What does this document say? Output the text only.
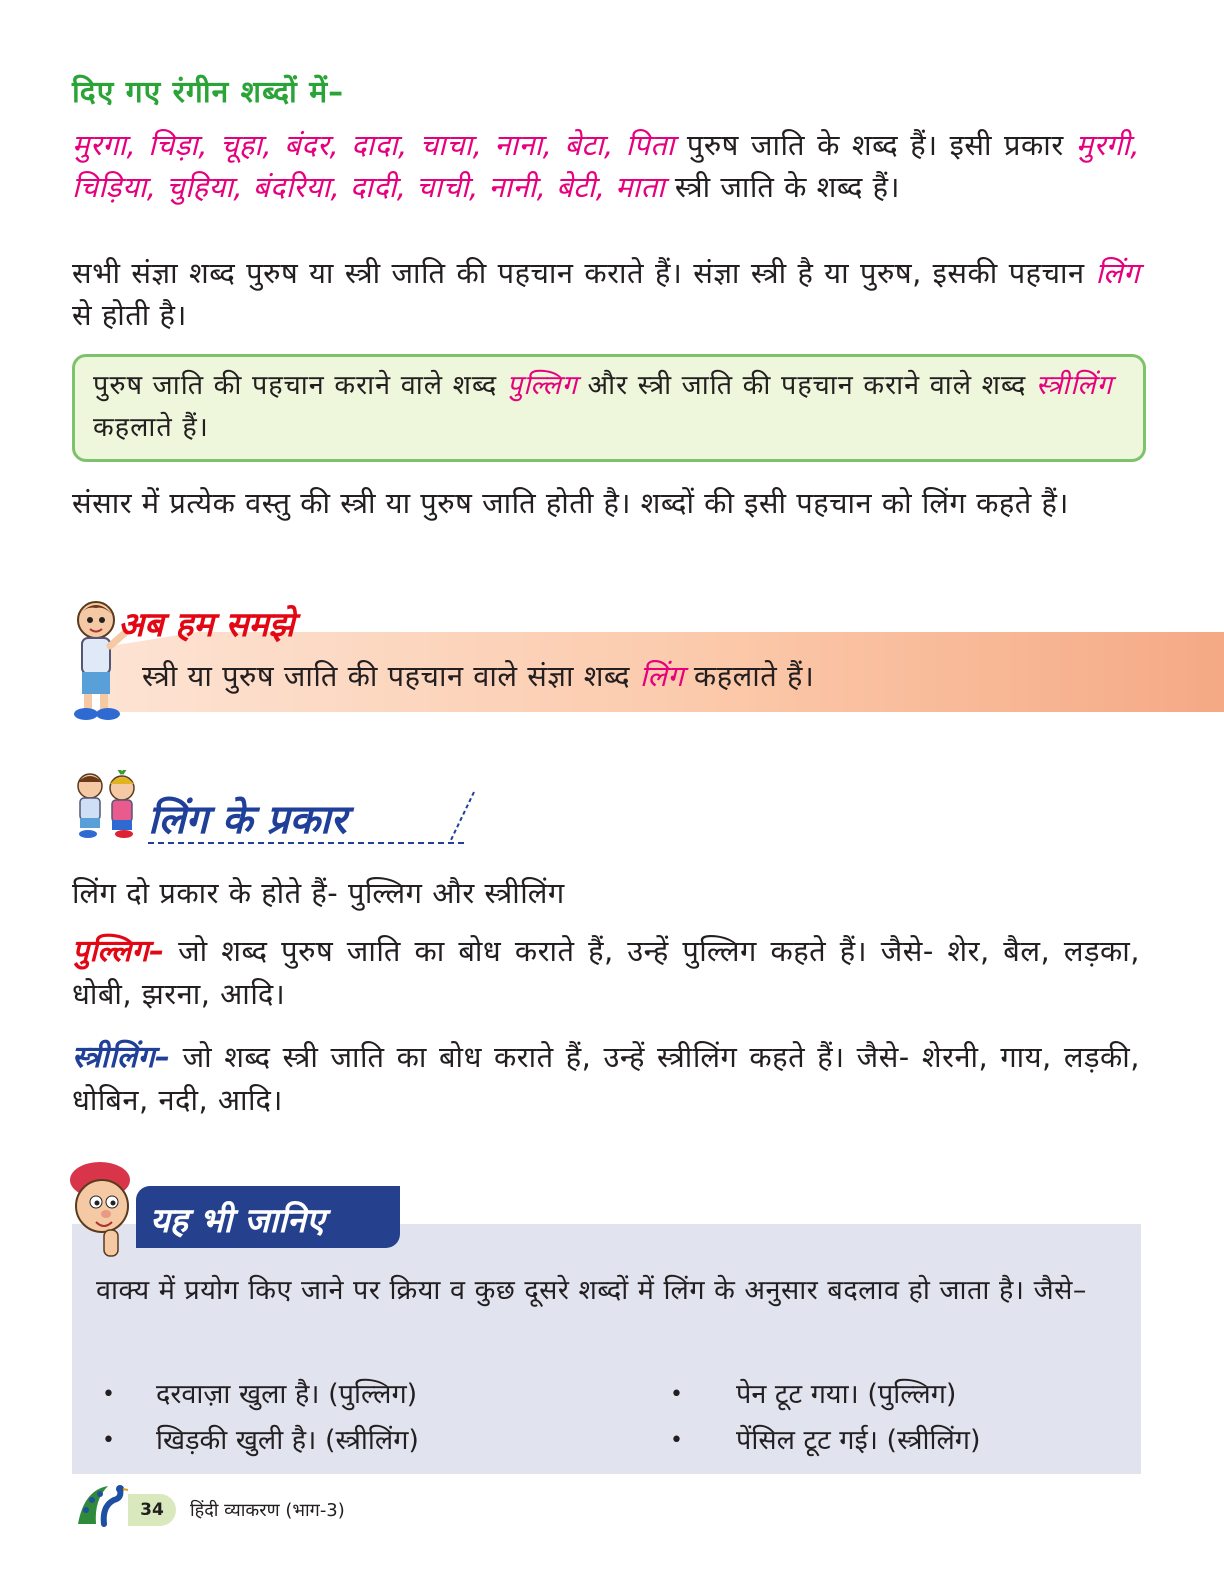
दिए गए रंगीन शब्दों में–
मुरगा, चिड़ा, चूहा, बंदर, दादा, चाचा, नाना, बेटा, पिता पुरुष जाति के शब्द हैं। इसी प्रकार मुरगी, चिड़िया, चुहिया, बंदरिया, दादी, चाची, नानी, बेटी, माता स्त्री जाति के शब्द हैं।
सभी संज्ञा शब्द पुरुष या स्त्री जाति की पहचान कराते हैं। संज्ञा स्त्री है या पुरुष, इसकी पहचान लिंग से होती है।
पुरुष जाति की पहचान कराने वाले शब्द पुल्लिग और स्त्री जाति की पहचान कराने वाले शब्द स्त्रीलिंग कहलाते हैं।
संसार में प्रत्येक वस्तु की स्त्री या पुरुष जाति होती है। शब्दों की इसी पहचान को लिंग कहते हैं।
अब हम समझे
स्त्री या पुरुष जाति की पहचान वाले संज्ञा शब्द लिंग कहलाते हैं।
लिंग के प्रकार
लिंग दो प्रकार के होते हैं- पुल्लिग और स्त्रीलिंग
पुल्लिग– जो शब्द पुरुष जाति का बोध कराते हैं, उन्हें पुल्लिग कहते हैं। जैसे- शेर, बैल, लड़का, धोबी, झरना, आदि।
स्त्रीलिंग– जो शब्द स्त्री जाति का बोध कराते हैं, उन्हें स्त्रीलिंग कहते हैं। जैसे- शेरनी, गाय, लड़की, धोबिन, नदी, आदि।
यह भी जानिए
वाक्य में प्रयोग किए जाने पर क्रिया व कुछ दूसरे शब्दों में लिंग के अनुसार बदलाव हो जाता है। जैसे–
• दरवाज़ा खुला है। (पुल्लिग)	• पेन टूट गया। (पुल्लिग)
• खिड़की खुली है। (स्त्रीलिंग)	• पेंसिल टूट गई। (स्त्रीलिंग)
34	हिंदी व्याकरण (भाग-3)
